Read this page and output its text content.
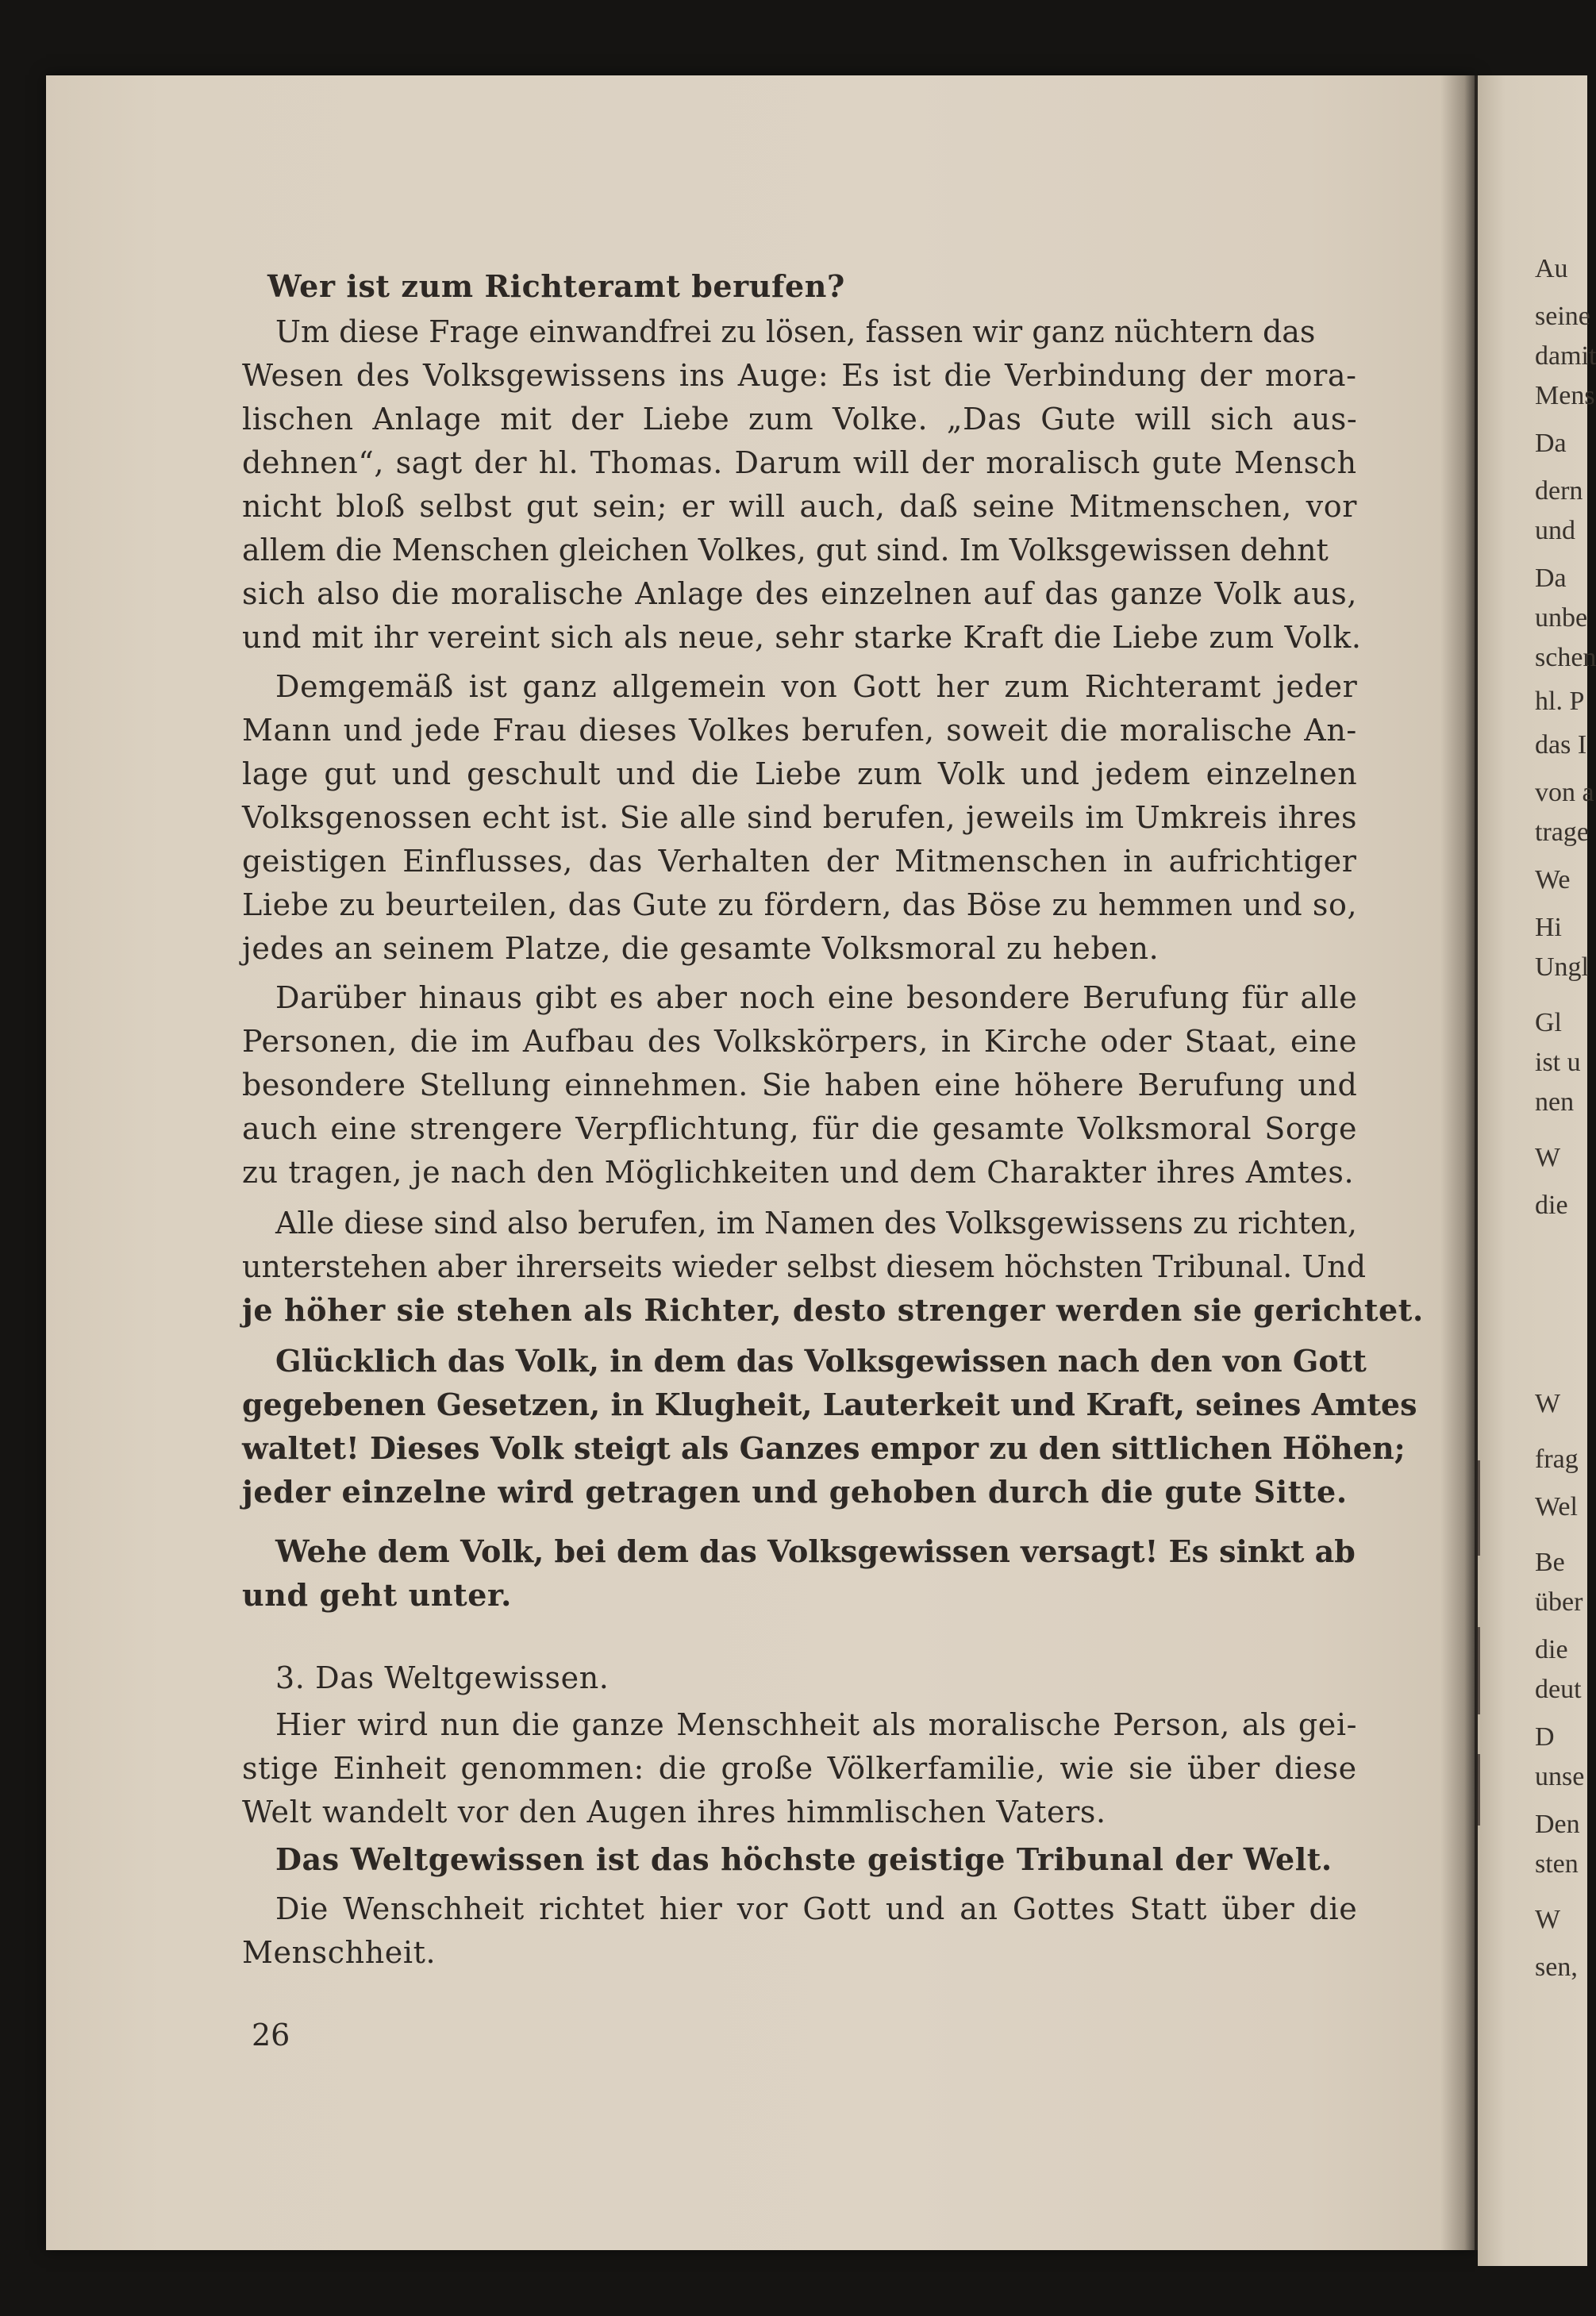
Wer ist zum Richteramt berufen?
Um diese Frage einwandfrei zu lösen, fassen wir ganz nüchtern das
Wesen des Volksgewissens ins Auge: Es ist die Verbindung der mora-
lischen Anlage mit der Liebe zum Volke. „Das Gute will sich aus-
dehnen“, sagt der hl. Thomas. Darum will der moralisch gute Mensch
nicht bloß selbst gut sein; er will auch, daß seine Mitmenschen, vor
allem die Menschen gleichen Volkes, gut sind. Im Volksgewissen dehnt
sich also die moralische Anlage des einzelnen auf das ganze Volk aus,
und mit ihr vereint sich als neue, sehr starke Kraft die Liebe zum Volk.
Demgemäß ist ganz allgemein von Gott her zum Richteramt jeder
Mann und jede Frau dieses Volkes berufen, soweit die moralische An-
lage gut und geschult und die Liebe zum Volk und jedem einzelnen
Volksgenossen echt ist. Sie alle sind berufen, jeweils im Umkreis ihres
geistigen Einflusses, das Verhalten der Mitmenschen in aufrichtiger
Liebe zu beurteilen, das Gute zu fördern, das Böse zu hemmen und so,
jedes an seinem Platze, die gesamte Volksmoral zu heben.
Darüber hinaus gibt es aber noch eine besondere Berufung für alle
Personen, die im Aufbau des Volkskörpers, in Kirche oder Staat, eine
besondere Stellung einnehmen. Sie haben eine höhere Berufung und
auch eine strengere Verpflichtung, für die gesamte Volksmoral Sorge
zu tragen, je nach den Möglichkeiten und dem Charakter ihres Amtes.
Alle diese sind also berufen, im Namen des Volksgewissens zu richten,
unterstehen aber ihrerseits wieder selbst diesem höchsten Tribunal. Und
je höher sie stehen als Richter, desto strenger werden sie gerichtet.
Glücklich das Volk, in dem das Volksgewissen nach den von Gott
gegebenen Gesetzen, in Klugheit, Lauterkeit und Kraft, seines Amtes
waltet! Dieses Volk steigt als Ganzes empor zu den sittlichen Höhen;
jeder einzelne wird getragen und gehoben durch die gute Sitte.
Wehe dem Volk, bei dem das Volksgewissen versagt! Es sinkt ab
und geht unter.
3. Das Weltgewissen.
Hier wird nun die ganze Menschheit als moralische Person, als gei-
stige Einheit genommen: die große Völkerfamilie, wie sie über diese
Welt wandelt vor den Augen ihres himmlischen Vaters.
Das Weltgewissen ist das höchste geistige Tribunal der Welt.
Die Wenschheit richtet hier vor Gott und an Gottes Statt über die
Menschheit.
26
Au
seine
damit
Mens
Da
dern
und
Da
unbe
schen
hl. P
das I
von a
trage
We
Hi
Ungl
Gl
ist u
nen
W
die
W
frag
Wel
Be
über
die
deut
D
unse
Den
sten
W
sen,
